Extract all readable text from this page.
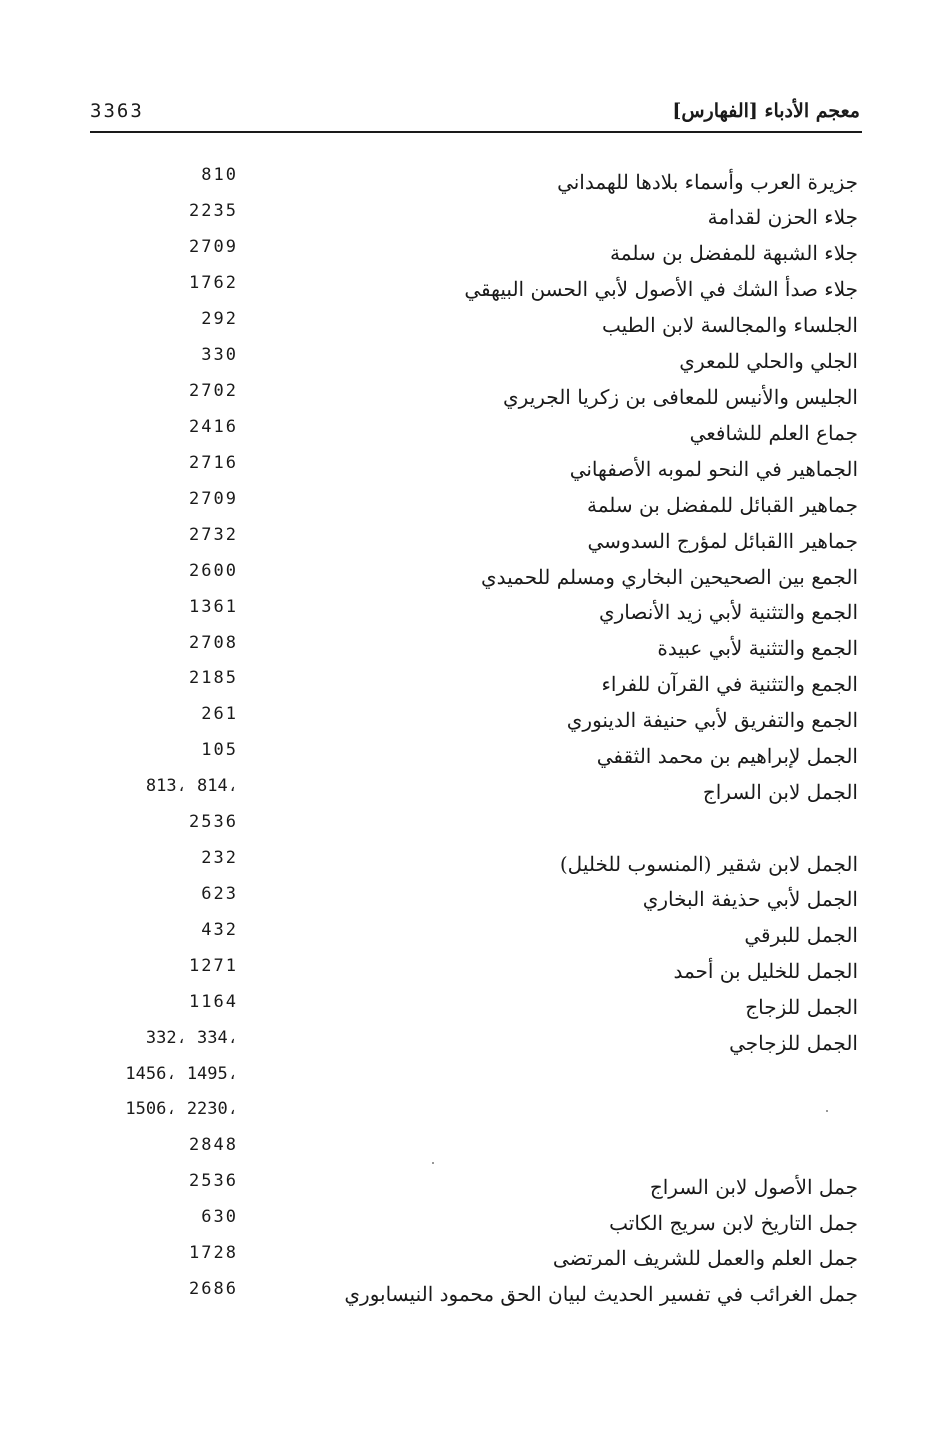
3363	معجم الأدباء [الفهارس]
810
2235
2709
1762
292
330
2702
2416
2716
2709
2732
2600
1361
2708
2185
261
105
813، 814،
2536
232
623
432
1271
1164
332، 334،
1456، 1495،
1506، 2230،
2848
2536
630
1728
2686
جزيرة العرب وأسماء بلادها للهمداني
جلاء الحزن لقدامة
جلاء الشبهة للمفضل بن سلمة
جلاء صدأ الشك في الأصول لأبي الحسن البيهقي
الجلساء والمجالسة لابن الطيب
الجلي والحلي للمعري
الجليس والأنيس للمعافى بن زكريا الجريري
جماع العلم للشافعي
الجماهير في النحو لموبه الأصفهاني
جماهير القبائل للمفضل بن سلمة
جماهير االقبائل لمؤرج السدوسي
الجمع بين الصحيحين البخاري ومسلم للحميدي
الجمع والتثنية لأبي زيد الأنصاري
الجمع والتثنية لأبي عبيدة
الجمع والتثنية في القرآن للفراء
الجمع والتفريق لأبي حنيفة الدينوري
الجمل لإبراهيم بن محمد الثقفي
الجمل لابن السراج
الجمل لابن شقير (المنسوب للخليل)
الجمل لأبي حذيفة البخاري
الجمل للبرقي
الجمل للخليل بن أحمد
الجمل للزجاج
الجمل للزجاجي
جمل الأصول لابن السراج
جمل التاريخ لابن سريج الكاتب
جمل العلم والعمل للشريف المرتضى
جمل الغرائب في تفسير الحديث لبيان الحق محمود النيسابوري
